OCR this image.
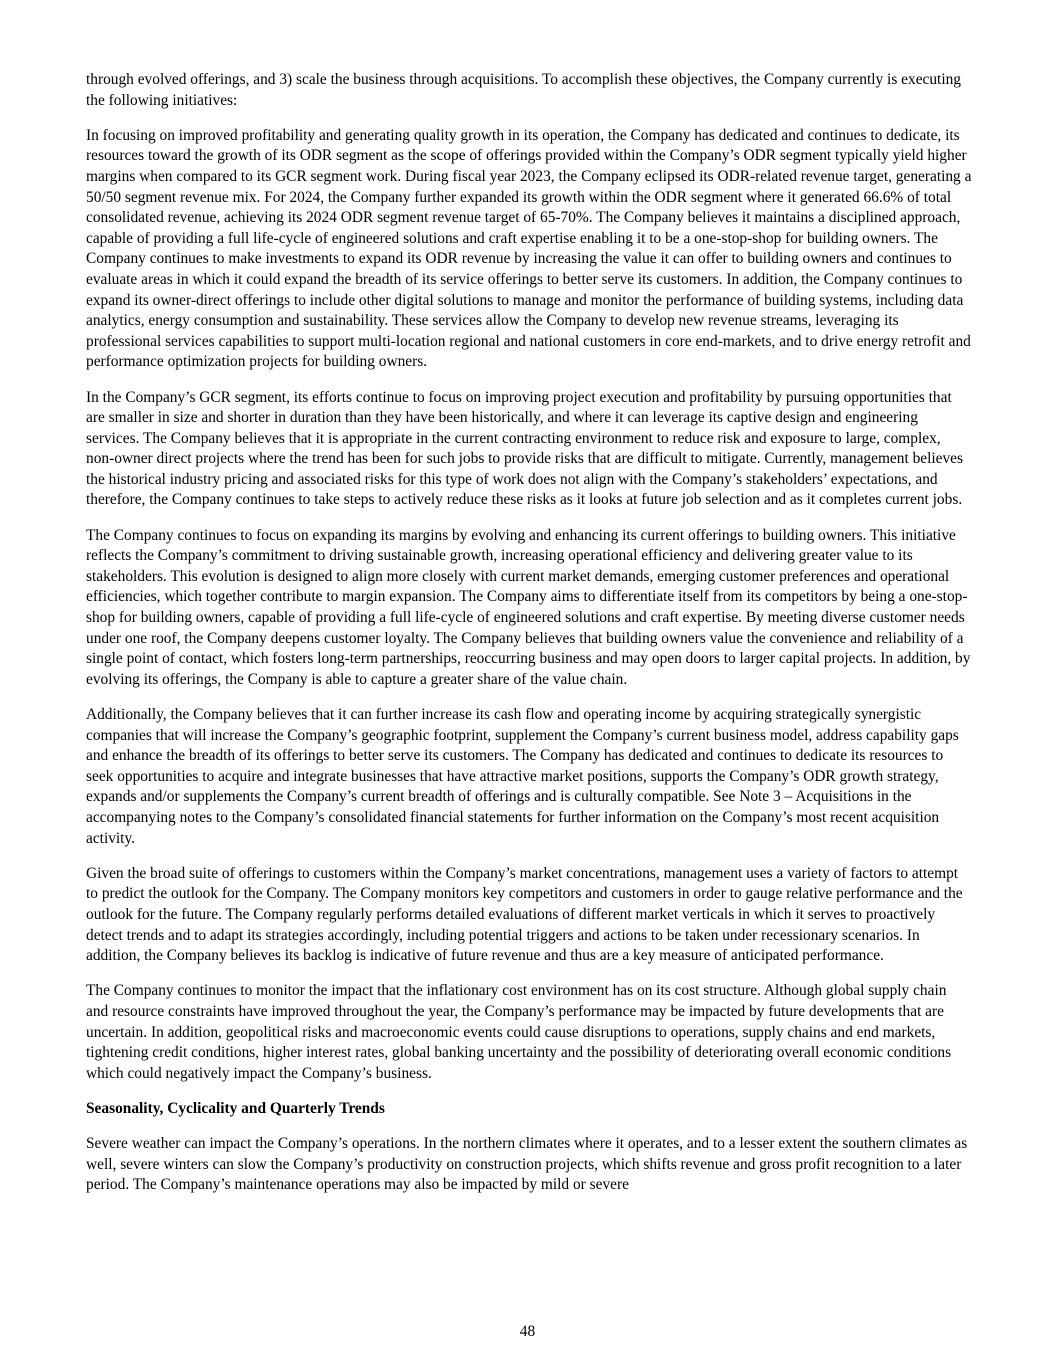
through evolved offerings, and 3) scale the business through acquisitions. To accomplish these objectives, the Company currently is executing the following initiatives:

In focusing on improved profitability and generating quality growth in its operation, the Company has dedicated and continues to dedicate, its resources toward the growth of its ODR segment as the scope of offerings provided within the Company’s ODR segment typically yield higher margins when compared to its GCR segment work. During fiscal year 2023, the Company eclipsed its ODR-related revenue target, generating a 50/50 segment revenue mix. For 2024, the Company further expanded its growth within the ODR segment where it generated 66.6% of total consolidated revenue, achieving its 2024 ODR segment revenue target of 65-70%. The Company believes it maintains a disciplined approach, capable of providing a full life-cycle of engineered solutions and craft expertise enabling it to be a one-stop-shop for building owners. The Company continues to make investments to expand its ODR revenue by increasing the value it can offer to building owners and continues to evaluate areas in which it could expand the breadth of its service offerings to better serve its customers. In addition, the Company continues to expand its owner-direct offerings to include other digital solutions to manage and monitor the performance of building systems, including data analytics, energy consumption and sustainability. These services allow the Company to develop new revenue streams, leveraging its professional services capabilities to support multi-location regional and national customers in core end-markets, and to drive energy retrofit and performance optimization projects for building owners.

In the Company’s GCR segment, its efforts continue to focus on improving project execution and profitability by pursuing opportunities that are smaller in size and shorter in duration than they have been historically, and where it can leverage its captive design and engineering services. The Company believes that it is appropriate in the current contracting environment to reduce risk and exposure to large, complex, non-owner direct projects where the trend has been for such jobs to provide risks that are difficult to mitigate. Currently, management believes the historical industry pricing and associated risks for this type of work does not align with the Company’s stakeholders’ expectations, and therefore, the Company continues to take steps to actively reduce these risks as it looks at future job selection and as it completes current jobs.

The Company continues to focus on expanding its margins by evolving and enhancing its current offerings to building owners. This initiative reflects the Company’s commitment to driving sustainable growth, increasing operational efficiency and delivering greater value to its stakeholders. This evolution is designed to align more closely with current market demands, emerging customer preferences and operational efficiencies, which together contribute to margin expansion. The Company aims to differentiate itself from its competitors by being a one-stop-shop for building owners, capable of providing a full life-cycle of engineered solutions and craft expertise. By meeting diverse customer needs under one roof, the Company deepens customer loyalty. The Company believes that building owners value the convenience and reliability of a single point of contact, which fosters long-term partnerships, reoccurring business and may open doors to larger capital projects. In addition, by evolving its offerings, the Company is able to capture a greater share of the value chain.

Additionally, the Company believes that it can further increase its cash flow and operating income by acquiring strategically synergistic companies that will increase the Company’s geographic footprint, supplement the Company’s current business model, address capability gaps and enhance the breadth of its offerings to better serve its customers. The Company has dedicated and continues to dedicate its resources to seek opportunities to acquire and integrate businesses that have attractive market positions, supports the Company’s ODR growth strategy, expands and/or supplements the Company’s current breadth of offerings and is culturally compatible. See Note 3 – Acquisitions in the accompanying notes to the Company’s consolidated financial statements for further information on the Company’s most recent acquisition activity.

Given the broad suite of offerings to customers within the Company’s market concentrations, management uses a variety of factors to attempt to predict the outlook for the Company. The Company monitors key competitors and customers in order to gauge relative performance and the outlook for the future. The Company regularly performs detailed evaluations of different market verticals in which it serves to proactively detect trends and to adapt its strategies accordingly, including potential triggers and actions to be taken under recessionary scenarios. In addition, the Company believes its backlog is indicative of future revenue and thus are a key measure of anticipated performance.

The Company continues to monitor the impact that the inflationary cost environment has on its cost structure. Although global supply chain and resource constraints have improved throughout the year, the Company’s performance may be impacted by future developments that are uncertain. In addition, geopolitical risks and macroeconomic events could cause disruptions to operations, supply chains and end markets, tightening credit conditions, higher interest rates, global banking uncertainty and the possibility of deteriorating overall economic conditions which could negatively impact the Company’s business.

Seasonality, Cyclicality and Quarterly Trends

Severe weather can impact the Company’s operations. In the northern climates where it operates, and to a lesser extent the southern climates as well, severe winters can slow the Company’s productivity on construction projects, which shifts revenue and gross profit recognition to a later period. The Company’s maintenance operations may also be impacted by mild or severe

48
